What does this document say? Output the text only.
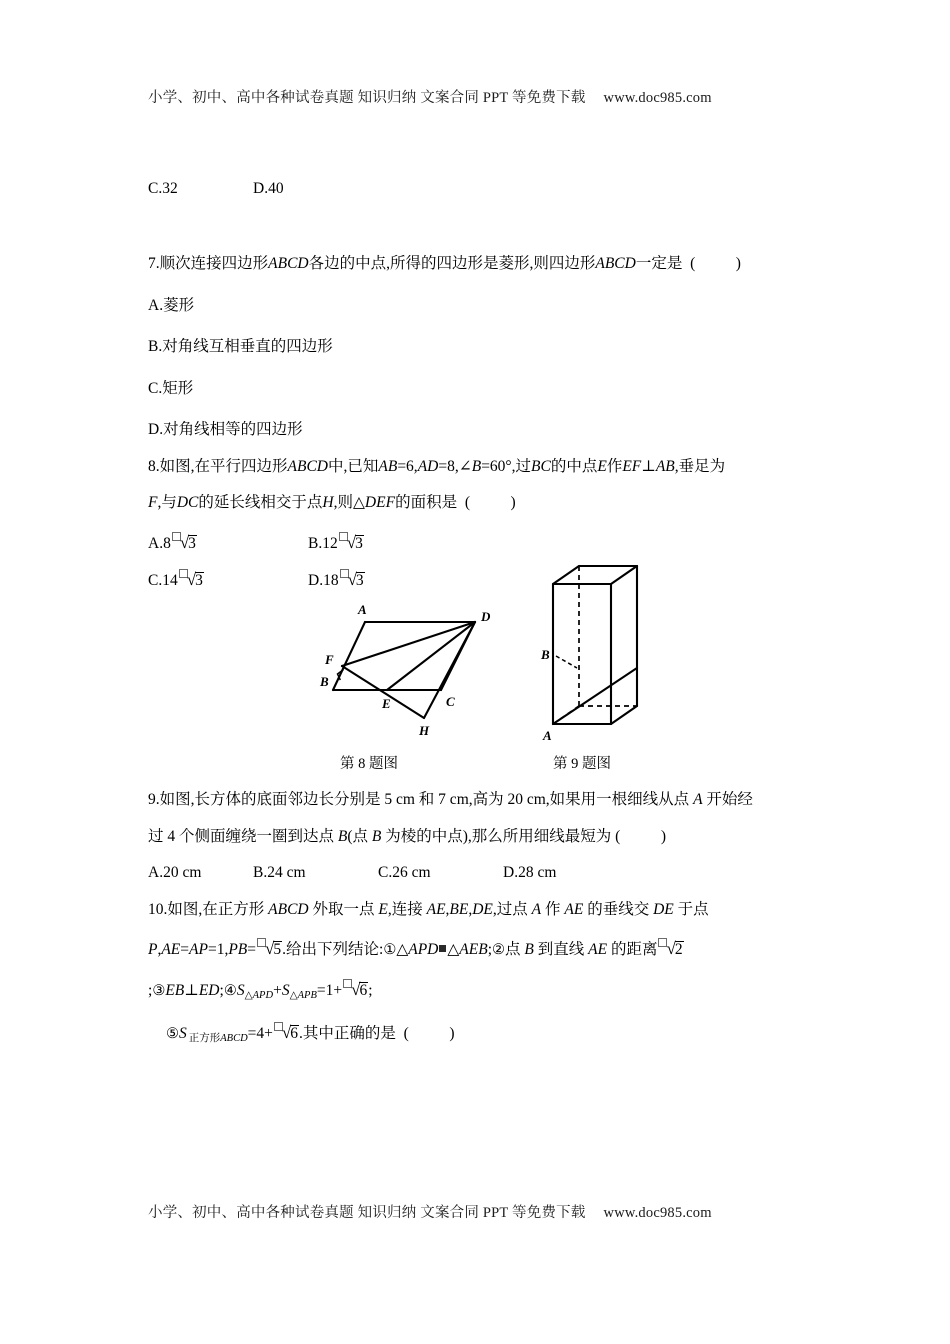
小学、初中、高中各种试卷真题 知识归纳 文案合同 PPT 等免费下载 www.doc985.com
C.32	D.40
7.顺次连接四边形ABCD各边的中点,所得的四边形是菱形,则四边形ABCD一定是 (	)
A.菱形
B.对角线互相垂直的四边形
C.矩形
D.对角线相等的四边形
8.如图,在平行四边形ABCD中,已知AB=6,AD=8,∠B=60°,过BC的中点E作EF⊥AB,垂足为
F,与DC的延长线相交于点H,则△DEF的面积是 (	)
A.8 √3	B.12 √3
C.14 √3	D.18 √3
A
B
C
D
E
F
H
B
A
第 8 题图	第 9 题图
9.如图,长方体的底面邻边长分别是 5 cm 和 7 cm,高为 20 cm,如果用一根细线从点 A 开始经
过 4 个侧面缠绕一圈到达点 B(点 B 为棱的中点),那么所用细线最短为 (	)
A.20 cm	B.24 cm	C.26 cm	D.28 cm
10.如图,在正方形 ABCD 外取一点 E,连接 AE,BE,DE,过点 A 作 AE 的垂线交 DE 于点
P,AE=AP=1,PB= √5.给出下列结论:①△APD △AEB;②点 B 到直线 AE 的距离 √2
$;③EB\perp ED;④S_{\triangle APD}+S_{\triangle APB}=1+ √6$;
⑤S 正方形$_{ABCD}$=4+ √6.其中正确的是 (	)
小学、初中、高中各种试卷真题 知识归纳 文案合同 PPT 等免费下载 www.doc985.com
